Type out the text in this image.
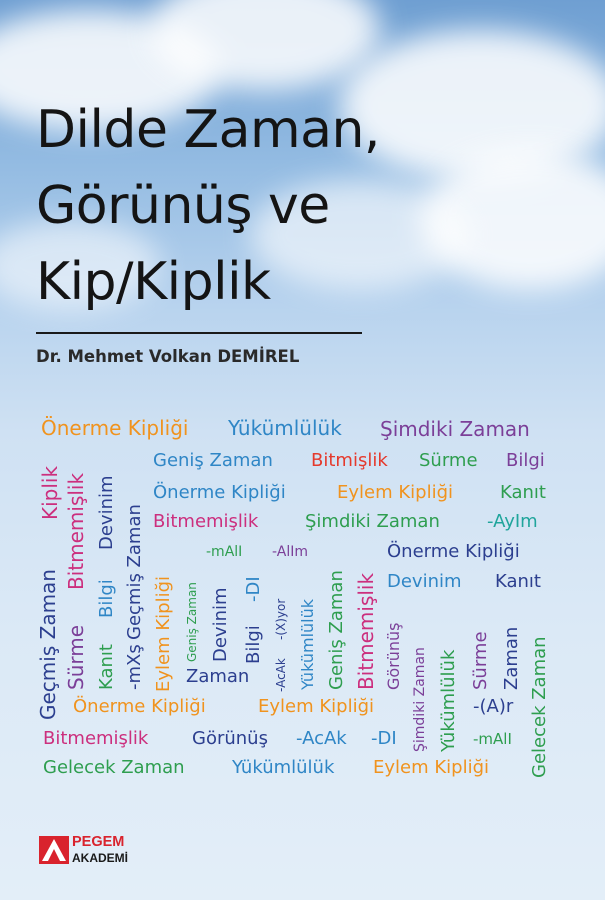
Dilde Zaman,
Görünüş ve
Kip/Kiplik
Dr. Mehmet Volkan DEMİREL
Önerme Kipliği Yükümlülük Şimdiki Zaman
Geniş Zaman Bitmişlik Sürme Bilgi
Önerme Kipliği	Eylem Kipliği	Kanıt
Bitmemişlik	Şimdiki Zaman	-AyIm
-mAlI -AlIm	Önerme Kipliği
Devinim Kanıt
Zaman
Önerme Kipliği	Eylem Kipliği	-(A)r
Bitmemişlik Görünüş -AcAk -DI	-mAlI
Gelecek Zaman	Yükümlülük Eylem Kipliği
Geçmiş Zaman
Kiplik
Sürme
Bitmemişlik
Kanıt
Bilgi
Devinim
-mXş
Geçmiş Zaman Eylem Kipliği Geniş Zaman Devinim Bilgi
-DI
-AcAk
-(X)yor Yükümlülük Geniş Zaman Bitmemişlik Görünüş Şimdiki Zaman Yükümlülük Sürme Zaman Gelecek Zaman
PEGEM
AKADEMİ
